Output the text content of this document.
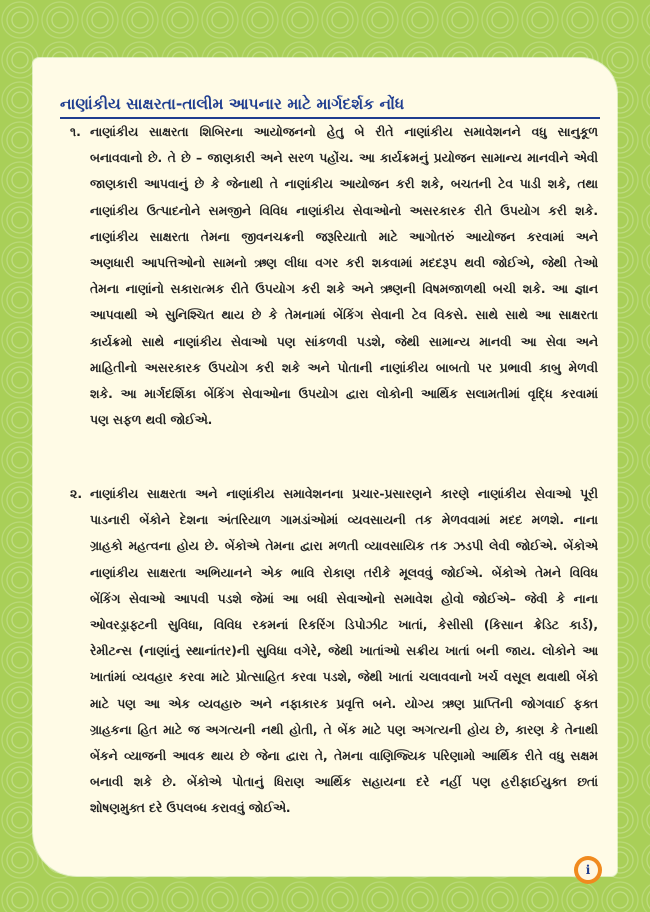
નાણાંકીય સાક્ષરતા-તાલીમ આપનાર માટે માર્ગદર્શક નોંધ
૧. નાણાંકીય સાક્ષરતા શિબિરના આયોજનનો હેતુ બે રીતે નાણાંકીય સમાવેશનને વધુ સાનુકૂળ
બનાવવાનો છે. તે છે – જાણકારી અને સરળ પહોંચ. આ કાર્યક્રમનું પ્રયોજન સામાન્ય માનવીને એવી
જાણકારી આપવાનું છે કે જેનાથી તે નાણાંકીય આયોજન કરી શકે, બચતની ટેવ પાડી શકે, તથા
નાણાંકીય ઉત્પાદનોને સમજીને વિવિધ નાણાંકીય સેવાઓનો અસરકારક રીતે ઉપયોગ કરી શકે.
નાણાંકીય સાક્ષરતા તેમના જીવનચક્રની જરૂરિયાતો માટે આગોતરું આયોજન કરવામાં અને
અણધારી આપત્તિઓનો સામનો ઋણ લીધા વગર કરી શકવામાં મદદરૂપ થવી જોઈએ, જેથી તેઓ
તેમના નાણાંનો સકારાત્મક રીતે ઉપયોગ કરી શકે અને ઋણની વિષમજાળથી બચી શકે. આ જ્ઞાન
આપવાથી એ સુનિશ્ચિત થાય છે કે તેમનામાં બેંકિંગ સેવાની ટેવ વિકસે. સાથે સાથે આ સાક્ષરતા
કાર્યક્રમો સાથે નાણાંકીય સેવાઓ પણ સાંકળવી પડશે, જેથી સામાન્ય માનવી આ સેવા અને
માહિતીનો અસરકારક ઉપયોગ કરી શકે અને પોતાની નાણાંકીય બાબતો પર પ્રભાવી કાબુ મેળવી
શકે. આ માર્ગદર્શિકા બેંકિંગ સેવાઓના ઉપયોગ દ્વારા લોકોની આર્થિક સલામતીમાં વૃદ્ધિ કરવામાં
પણ સફળ થવી જોઈએ.
૨. નાણાંકીય સાક્ષરતા અને નાણાંકીય સમાવેશનના પ્રચાર-પ્રસારણને કારણે નાણાંકીય સેવાઓ પૂરી
પાડનારી બેંકોને દેશના અંતરિયાળ ગામડાંઓમાં વ્યવસાયની તક મેળવવામાં મદદ મળશે. નાના
ગ્રાહકો મહત્વના હોય છે. બેંકોએ તેમના દ્વારા મળતી વ્યાવસાયિક તક ઝડપી લેવી જોઈએ. બેંકોએ
નાણાંકીય સાક્ષરતા અભિયાનને એક ભાવિ રોકાણ તરીકે મૂલવવું જોઈએ. બેંકોએ તેમને વિવિધ
બેંકિંગ સેવાઓ આપવી પડશે જેમાં આ બધી સેવાઓનો સમાવેશ હોવો જોઈએ– જેવી કે નાના
ઓવરડ્રાફ્ટની સુવિધા, વિવિધ રકમનાં રિકરિંગ ડિપોઝીટ ખાતાં, કેસીસી (કિસાન ક્રેડિટ કાર્ડ),
રેમીટન્સ (નાણાંનું સ્થાનાંતર)ની સુવિધા વગેરે, જેથી ખાતાંઓ સક્રીય ખાતાં બની જાય. લોકોને આ
ખાતાંમાં વ્યવહાર કરવા માટે પ્રોત્સાહિત કરવા પડશે, જેથી ખાતાં ચલાવવાનો ખર્ચ વસૂલ થવાથી બેંકો
માટે પણ આ એક વ્યવહારુ અને નફાકારક પ્રવૃત્તિ બને. યોગ્ય ઋણ પ્રાપ્તિની જોગવાઈ ફક્ત
ગ્રાહકના હિત માટે જ અગત્યની નથી હોતી, તે બેંક માટે પણ અગત્યની હોય છે, કારણ કે તેનાથી
બેંકને વ્યાજની આવક થાય છે જેના દ્વારા તે, તેમના વાણિજ્યિક પરિણામો આર્થિક રીતે વધુ સક્ષમ
બનાવી શકે છે. બેંકોએ પોતાનું ધિરાણ આર્થિક સહાયના દરે નહીં પણ હરીફાઈયુક્ત છતાં
શોષણમુક્ત દરે ઉપલબ્ધ કરાવવું જોઈએ.
i
